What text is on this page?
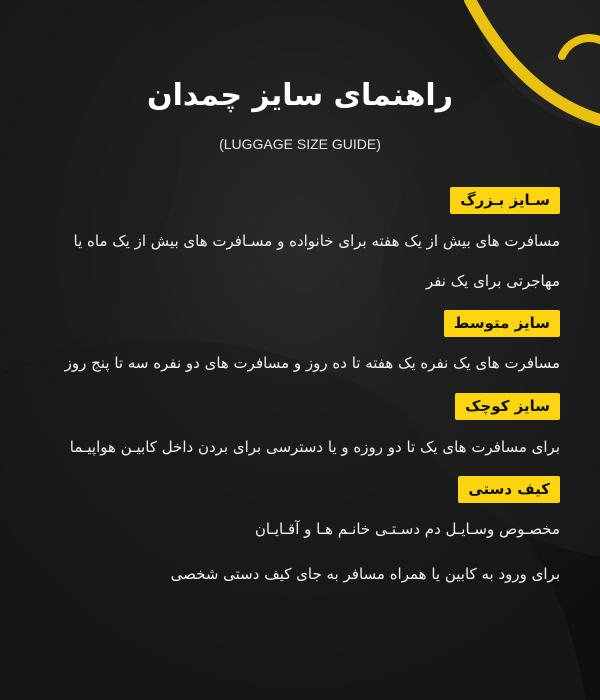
راهنمای سایز چمدان
(LUGGAGE SIZE GUIDE)
سـایز بـزرگ
مسافرت های بیش از یک هفته برای خانواده و مسـافرت های بیش از یک ماه یا
مهاجرتی برای یک نفر
سایز متوسط
مسافرت های یک نفره یک هفته تا ده روز و مسافرت های دو نفره سه تا پنج روز
سایز کوچک
برای مسافرت های یک تا دو روزه و یا دسترسی برای بردن داخل کابیـن هواپیـما
کیف دستی
مخصـوص وسـایـل دم دسـتـی خانـم هـا و آقـایـان
برای ورود به کابین یا همراه مسافر به جای کیف دستی شخصی
